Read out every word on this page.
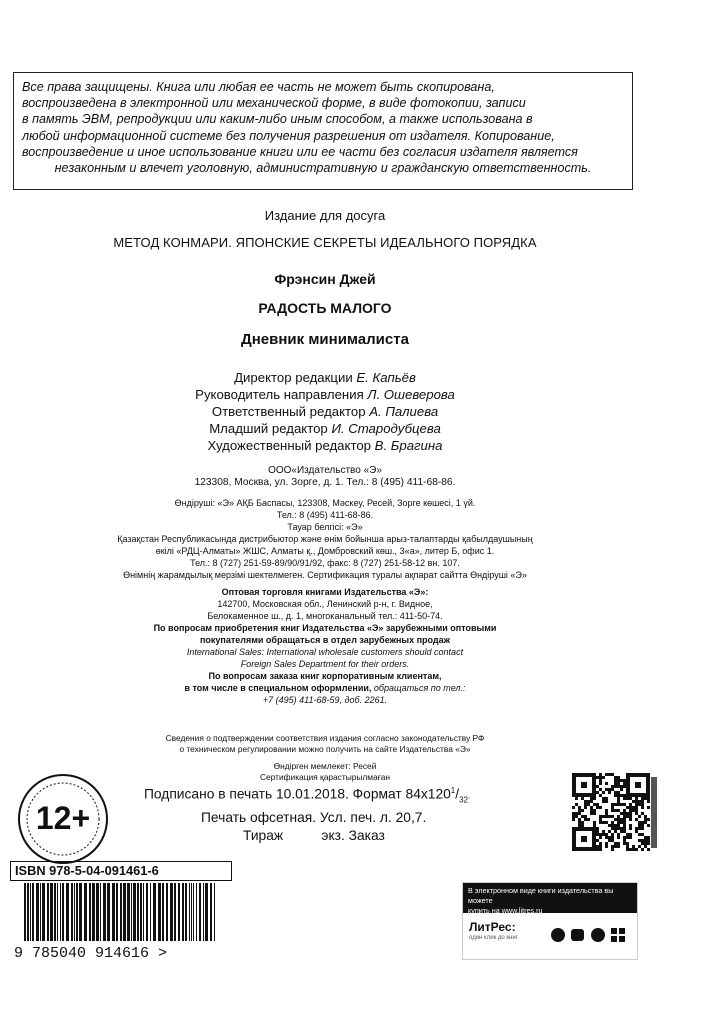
Все права защищены. Книга или любая ее часть не может быть скопирована,
воспроизведена в электронной или механической форме, в виде фотокопии, записи
в память ЭВМ, репродукции или каким-либо иным способом, а также использована в
любой информационной системе без получения разрешения от издателя. Копирование,
воспроизведение и иное использование книги или ее части без согласия издателя является
незаконным и влечет уголовную, административную и гражданскую ответственность.
Издание для досуга
МЕТОД КОНМАРИ. ЯПОНСКИЕ СЕКРЕТЫ ИДЕАЛЬНОГО ПОРЯДКА
Фрэнсин Джей
РАДОСТЬ МАЛОГО
Дневник минималиста
Директор редакции Е. Капьёв
Руководитель направления Л. Ошеверова
Ответственный редактор А. Палиева
Младший редактор И. Стародубцева
Художественный редактор В. Брагина
ООО«Издательство «Э»
123308, Москва, ул. Зорге, д. 1. Тел.: 8 (495) 411-68-86.
Өндіруші: «Э» АҚБ Баспасы, 123308, Мәскеу, Ресей, Зорге көшесі, 1 үй.
Тел.: 8 (495) 411-68-86.
Тауар белгісі: «Э»
Қазақстан Республикасында дистрибьютор және өнім бойынша арыз-талаптарды қабылдаушының
өкілі «РДЦ-Алматы» ЖШС, Алматы қ., Домбровский көш., 3«а», литер Б, офис 1.
Тел.: 8 (727) 251-59-89/90/91/92, факс: 8 (727) 251-58-12 вн. 107.
Өнімнің жарамдылық мерзімі шектелмеген. Сертификация туралы ақпарат сайтта Өндіруші «Э»
Оптовая торговля книгами Издательства «Э»:
142700, Московская обл., Ленинский р-н, г. Видное,
Белокаменное ш., д. 1, многоканальный тел.: 411-50-74.
По вопросам приобретения книг Издательства «Э» зарубежными оптовыми
покупателями обращаться в отдел зарубежных продаж
International Sales: International wholesale customers should contact
Foreign Sales Department for their orders.
По вопросам заказа книг корпоративным клиентам,
в том числе в специальном оформлении, обращаться по тел.:
+7 (495) 411-68-59, доб. 2261.
Сведения о подтверждении соответствия издания согласно законодательству РФ
о техническом регулировании можно получить на сайте Издательства «Э»
Өндірген мемлекет: Ресей
Сертификация қарастырылмаған
Подписано в печать 10.01.2018. Формат $84х120^1/_{32}$.
Печать офсетная. Усл. печ. л. 20,7.
Тираж          экз. Заказ
12+
ISBN 978-5-04-091461-6
9 785040 914616 >
В электронном виде книги издательства вы можете
купить на www.litres.ru
ЛитРес:
один клик до книг
